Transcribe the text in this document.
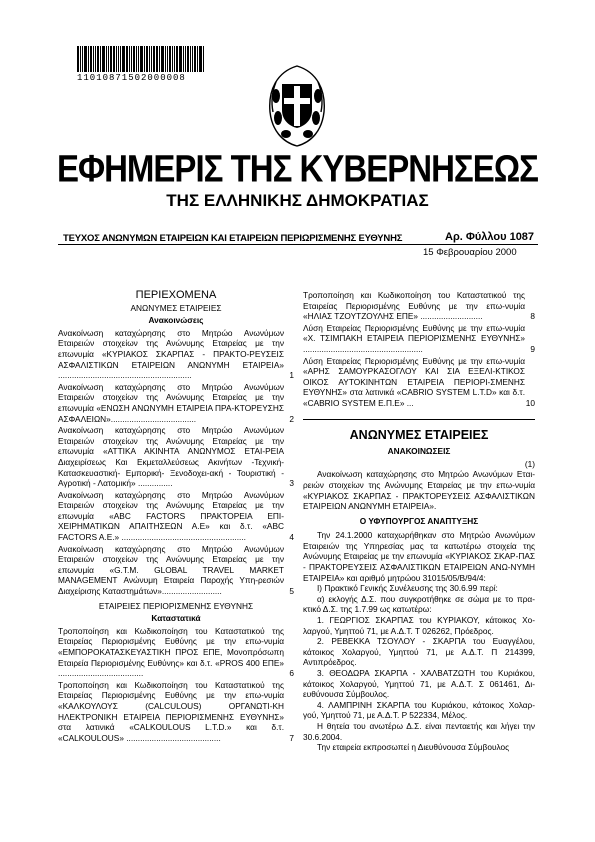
11010871502000008
ΕΦΗΜΕΡΙΣ ΤΗΣ ΚΥΒΕΡΝΗΣΕΩΣ
ΤΗΣ ΕΛΛΗΝΙΚΗΣ ΔΗΜΟΚΡΑΤΙΑΣ
ΤΕΥΧΟΣ ΑΝΩΝΥΜΩΝ ΕΤΑΙΡΕΙΩΝ ΚΑΙ ΕΤΑΙΡΕΙΩΝ ΠΕΡΙΩΡΙΣΜΕΝΗΣ ΕΥΘΥΝΗΣ	Αρ. Φύλλου 1087
15 Φεβρουαρίου 2000
ΠΕΡΙΕΧΟΜΕΝΑ
ΑΝΩΝΥΜΕΣ ΕΤΑΙΡΕΙΕΣ
Ανακοινώσεις
Ανακοίνωση καταχώρησης στο Μητρώο Ανωνύμων Εταιρειών στοιχείων της Ανώνυμης Εταιρείας με την επωνυμία «ΚΥΡΙΑΚΟΣ ΣΚΑΡΠΑΣ - ΠΡΑΚΤΟ-ΡΕΥΣΕΙΣ ΑΣΦΑΛΙΣΤΙΚΩΝ ΕΤΑΙΡΕΙΩΝ ΑΝΩΝΥΜΗ ΕΤΑΙΡΕΙΑ» ..........................................................	1
Ανακοίνωση καταχώρησης στο Μητρώο Ανωνύμων Εταιρειών στοιχείων της Ανώνυμης Εταιρείας με την επωνυμία «ΕΝΩΣΗ ΑΝΩΝΥΜΗ ΕΤΑΙΡΕΙΑ ΠΡΑ-ΚΤΟΡΕΥΣΗΣ ΑΣΦΑΛΕΙΩΝ».....................................	2
Ανακοίνωση καταχώρησης στο Μητρώο Ανωνύμων Εταιρειών στοιχείων της Ανώνυμης Εταιρείας με την επωνυμία «ΑΤΤΙΚΑ ΑΚΙΝΗΤΑ ΑΝΩΝΥΜΟΣ ΕΤΑΙ-ΡΕΙΑ Διαχειρίσεως Και Εκμεταλλεύσεως Ακινήτων -Τεχνική- Κατασκευαστική- Εμπορική- Ξενοδοχει-ακή - Τουριστική - Αγροτική - Λατομική» ...............	3
Ανακοίνωση καταχώρησης στο Μητρώο Ανωνύμων Εταιρειών στοιχείων της Ανώνυμης Εταιρείας με την επωνυμία «ABC FACTORS ΠΡΑΚΤΟΡΕΙΑ ΕΠΙ-ΧΕΙΡΗΜΑΤΙΚΩΝ ΑΠΑΙΤΗΣΕΩΝ Α.Ε» και δ.τ. «ABC FACTORS A.E.» ......................................................	4
Ανακοίνωση καταχώρησης στο Μητρώο Ανωνύμων Εταιρειών στοιχείων της Ανώνυμης Εταιρείας με την επωνυμία «G.T.M. GLOBAL TRAVEL MARKET MANAGEMENT Ανώνυμη Εταιρεία Παροχής Υπη-ρεσιών Διαχείρισης Καταστημάτων»..........................	5
ΕΤΑΙΡΕΙΕΣ ΠΕΡΙΟΡΙΣΜΕΝΗΣ ΕΥΘΥΝΗΣ
Καταστατικά
Τροποποίηση και Κωδικοποίηση του Καταστατικού της Εταιρείας Περιορισμένης Ευθύνης με την επω-νυμία «ΕΜΠΟΡΟΚΑΤΑΣΚΕΥΑΣΤΙΚΗ ΠΡΟΣ ΕΠΕ, Μονοπρόσωπη Εταιρεία Περιορισμένης Ευθύνης» και δ.τ. «PROS 400 ΕΠΕ» .....................................	6
Τροποποίηση και Κωδικοποίηση του Καταστατικού της Εταιρείας Περιορισμένης Ευθύνης με την επω-νυμία «ΚΑΛΚΟΥΛΟΥΣ (CALCULOUS) ΟΡΓΑΝΩΤΙ-ΚΗ ΗΛΕΚΤΡΟΝΙΚΗ ΕΤΑΙΡΕΙΑ ΠΕΡΙΟΡΙΣΜΕΝΗΣ ΕΥΘΥΝΗΣ» στα λατινικά «CALKOULOUS L.T.D.» και δ.τ. «CALKOULOUS» .........................................	7
Τροποποίηση και Κωδικοποίηση του Καταστατικού της Εταιρείας Περιορισμένης Ευθύνης με την επω-νυμία «ΗΛΙΑΣ ΤΖΟΥΤΖΟΥΛΗΣ ΕΠΕ» ...........................	8
Λύση Εταιρείας Περιορισμένης Ευθύνης με την επω-νυμία «Χ. ΤΣΙΜΠΑΚΗ ΕΤΑΙΡΕΙΑ ΠΕΡΙΟΡΙΣΜΕΝΗΣ ΕΥΘΥΝΗΣ» ....................................................	9
Λύση Εταιρείας Περιορισμένης Ευθύνης με την επω-νυμία «ΑΡΗΣ ΣΑΜΟΥΡΚΑΣΟΓΛΟΥ ΚΑΙ ΣΙΑ ΕΞΕΛΙ-ΚΤΙΚΟΣ ΟΙΚΟΣ ΑΥΤΟΚΙΝΗΤΩΝ ΕΤΑΙΡΕΙΑ ΠΕΡΙΟΡΙ-ΣΜΕΝΗΣ ΕΥΘΥΝΗΣ» στα λατινικά «CABRIO SYSTEM L.T.D» και δ.τ. «CABRIO SYSTEM Ε.Π.Ε» ...	10
ΑΝΩΝΥΜΕΣ ΕΤΑΙΡΕΙΕΣ
ΑΝΑΚΟΙΝΩΣΕΙΣ
(1)

Ανακοίνωση καταχώρησης στο Μητρώο Ανωνύμων Εται-ρειών στοιχείων της Ανώνυμης Εταιρείας με την επω-νυμία «ΚΥΡΙΑΚΟΣ ΣΚΑΡΠΑΣ - ΠΡΑΚΤΟΡΕΥΣΕΙΣ ΑΣΦΑΛΙΣΤΙΚΩΝ ΕΤΑΙΡΕΙΩΝ ΑΝΩΝΥΜΗ ΕΤΑΙΡΕΙΑ».

Ο ΥΦΥΠΟΥΡΓΟΣ ΑΝΑΠΤΥΞΗΣ

Την 24.1.2000 καταχωρήθηκαν στο Μητρώο Ανωνύμων Εταιρειών της Υπηρεσίας μας τα κατωτέρω στοιχεία της Ανώνυμης Εταιρείας με την επωνυμία «ΚΥΡΙΑΚΟΣ ΣΚΑΡ-ΠΑΣ - ΠΡΑΚΤΟΡΕΥΣΕΙΣ ΑΣΦΑΛΙΣΤΙΚΩΝ ΕΤΑΙΡΕΙΩΝ ΑΝΩ-ΝΥΜΗ ΕΤΑΙΡΕΙΑ» και αριθμό μητρώου 31015/05/Β/94/4:

Ι) Πρακτικό Γενικής Συνέλευσης της 30.6.99 περί:

α) εκλογής Δ.Σ. που συγκροτήθηκε σε σώμα με το πρα-κτικό Δ.Σ. της 1.7.99 ως κατωτέρω:

1. ΓΕΩΡΓΙΟΣ ΣΚΑΡΠΑΣ του ΚΥΡΙΑΚΟΥ, κάτοικος Χο-λαργού, Υμηττού 71, με Α.Δ.Τ. Τ 026262, Πρόεδρος.

2. ΡΕΒΕΚΚΑ ΤΣΟΥΛΟΥ - ΣΚΑΡΠΑ του Ευαγγέλου, κάτοικος Χολαργού, Υμηττού 71, με Α.Δ.Τ. Π 214399, Αντιπρόεδρος.

3. ΘΕΟΔΩΡΑ ΣΚΑΡΠΑ - ΧΑΛΒΑΤΖΩΤΗ του Κυριάκου, κάτοικος Χολαργού, Υμηττού 71, με Α.Δ.Τ. Σ 061461, Δι-ευθύνουσα Σύμβουλος.

4. ΛΑΜΠΡΙΝΗ ΣΚΑΡΠΑ του Κυριάκου, κάτοικος Χολαρ-γού, Υμηττού 71, με Α.Δ.Τ. Ρ 522334, Μέλος.

Η θητεία του ανωτέρω Δ.Σ. είναι πενταετής και λήγει την 30.6.2004.

Την εταιρεία εκπροσωπεί η Διευθύνουσα Σύμβουλος
